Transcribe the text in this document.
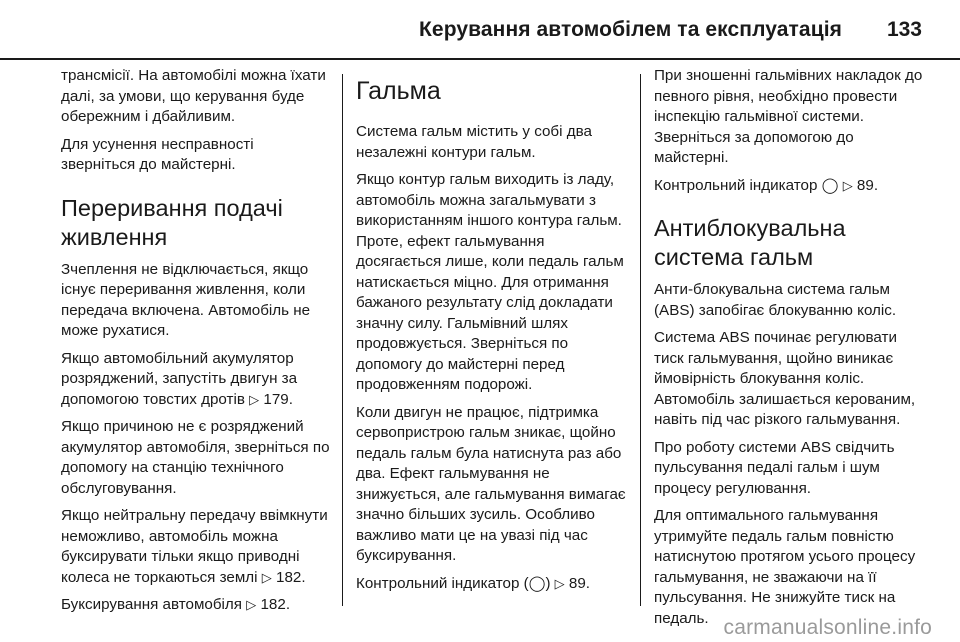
Керування автомобілем та експлуатація 133

трансмісії. На автомобілі можна їхати далі, за умови, що керування буде обережним і дбайливим.

Для усунення несправності зверніться до майстерні.

Переривання подачі живлення

Зчеплення не відключається, якщо існує переривання живлення, коли передача включена. Автомобіль не може рухатися.

Якщо автомобільний акумулятор розряджений, запустіть двигун за допомогою товстих дротів ▷ 179.

Якщо причиною не є розряджений акумулятор автомобіля, зверніться по допомогу на станцію технічного обслуговування.

Якщо нейтральну передачу ввімкнути неможливо, автомобіль можна буксирувати тільки якщо приводні колеса не торкаються землі ▷ 182.

Буксирування автомобіля ▷ 182.

Гальма

Система гальм містить у собі два незалежні контури гальм.

Якщо контур гальм виходить із ладу, автомобіль можна загальмувати з використанням іншого контура гальм. Проте, ефект гальмування досягається лише, коли педаль гальм натискається міцно. Для отримання бажаного результату слід докладати значну силу. Гальмівний шлях продовжується. Зверніться по допомогу до майстерні перед продовженням подорожі.

Коли двигун не працює, підтримка сервопристрою гальм зникає, щойно педаль гальм була натиснута раз або два. Ефект гальмування не знижується, але гальмування вимагає значно більших зусиль. Особливо важливо мати це на увазі під час буксирування.

Контрольний індикатор (◯) ▷ 89.

При зношенні гальмівних накладок до певного рівня, необхідно провести інспекцію гальмівної системи. Зверніться за допомогою до майстерні.

Контрольний індикатор ◯ ▷ 89.

Антиблокувальна система гальм

Анти-блокувальна система гальм (ABS) запобігає блокуванню коліс.

Система ABS починає регулювати тиск гальмування, щойно виникає ймовірність блокування коліс. Автомобіль залишається керованим, навіть під час різкого гальмування.

Про роботу системи ABS свідчить пульсування педалі гальм і шум процесу регулювання.

Для оптимального гальмування утримуйте педаль гальм повністю натиснутою протягом усього процесу гальмування, не зважаючи на її пульсування. Не знижуйте тиск на педаль. carmanualsonline.info
